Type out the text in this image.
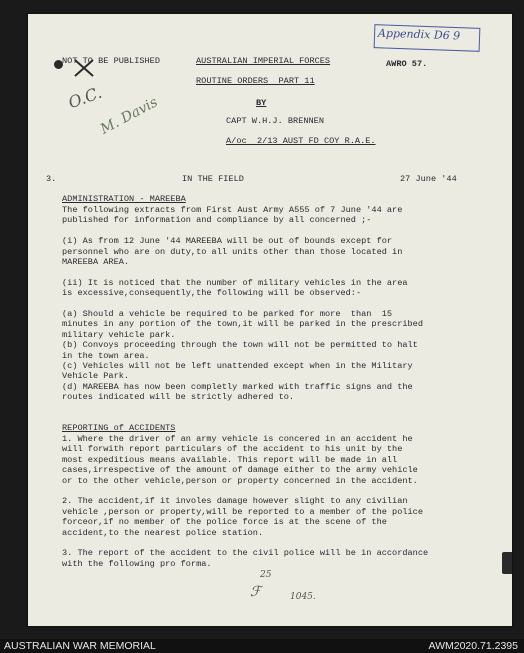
Appendix D6 9
NOT TO BE PUBLISHED	AUSTRALIAN IMPERIAL FORCES	AWRO 57.
O.C.
M. Davis
ROUTINE ORDERS  PART 11
BY
CAPT W.H.J. BRENNEN
A/oc  2/13 AUST FD COY R.A.E.
3.	IN THE FIELD	27 June '44
ADMINISTRATION - MAREEBA
The following extracts from First Aust Army A555 of 7 June '44 are
published for information and compliance by all concerned ;-
(i) As from 12 June '44 MAREEBA will be out of bounds except for
personnel who are on duty,to all units other than those located in
MAREEBA AREA.
(ii) It is noticed that the number of military vehicles in the area
is excessive,consequently,the following will be observed:-
(a) Should a vehicle be required to be parked for more  than  15
minutes in any portion of the town,it will be parked in the prescribed
military vehicle park.
(b) Convoys proceeding through the town will not be permitted to halt
in the town area.
(c) Vehicles will not be left unattended except when in the Military
Vehicle Park.
(d) MAREEBA has now been completly marked with traffic signs and the
routes indicated will be strictly adhered to.
REPORTING of ACCIDENTS
1. Where the driver of an army vehicle is concered in an accident he
will forwith report particulars of the accident to his unit by the
most expeditious means available. This report will be made in all
cases,irrespective of the amount of damage either to the army vehicle
or to the other vehicle,person or property concerned in the accident.
2. The accident,if it involes damage however slight to any civilian
vehicle ,person or property,will be reported to a member of the police
forceor,if no member of the police force is at the scene of the
accident,to the nearest police station.
3. The report of the accident to the civil police will be in accordance
with the following pro forma.
25
ℱ	1045.
AUSTRALIAN WAR MEMORIAL	AWM2020.71.2395
